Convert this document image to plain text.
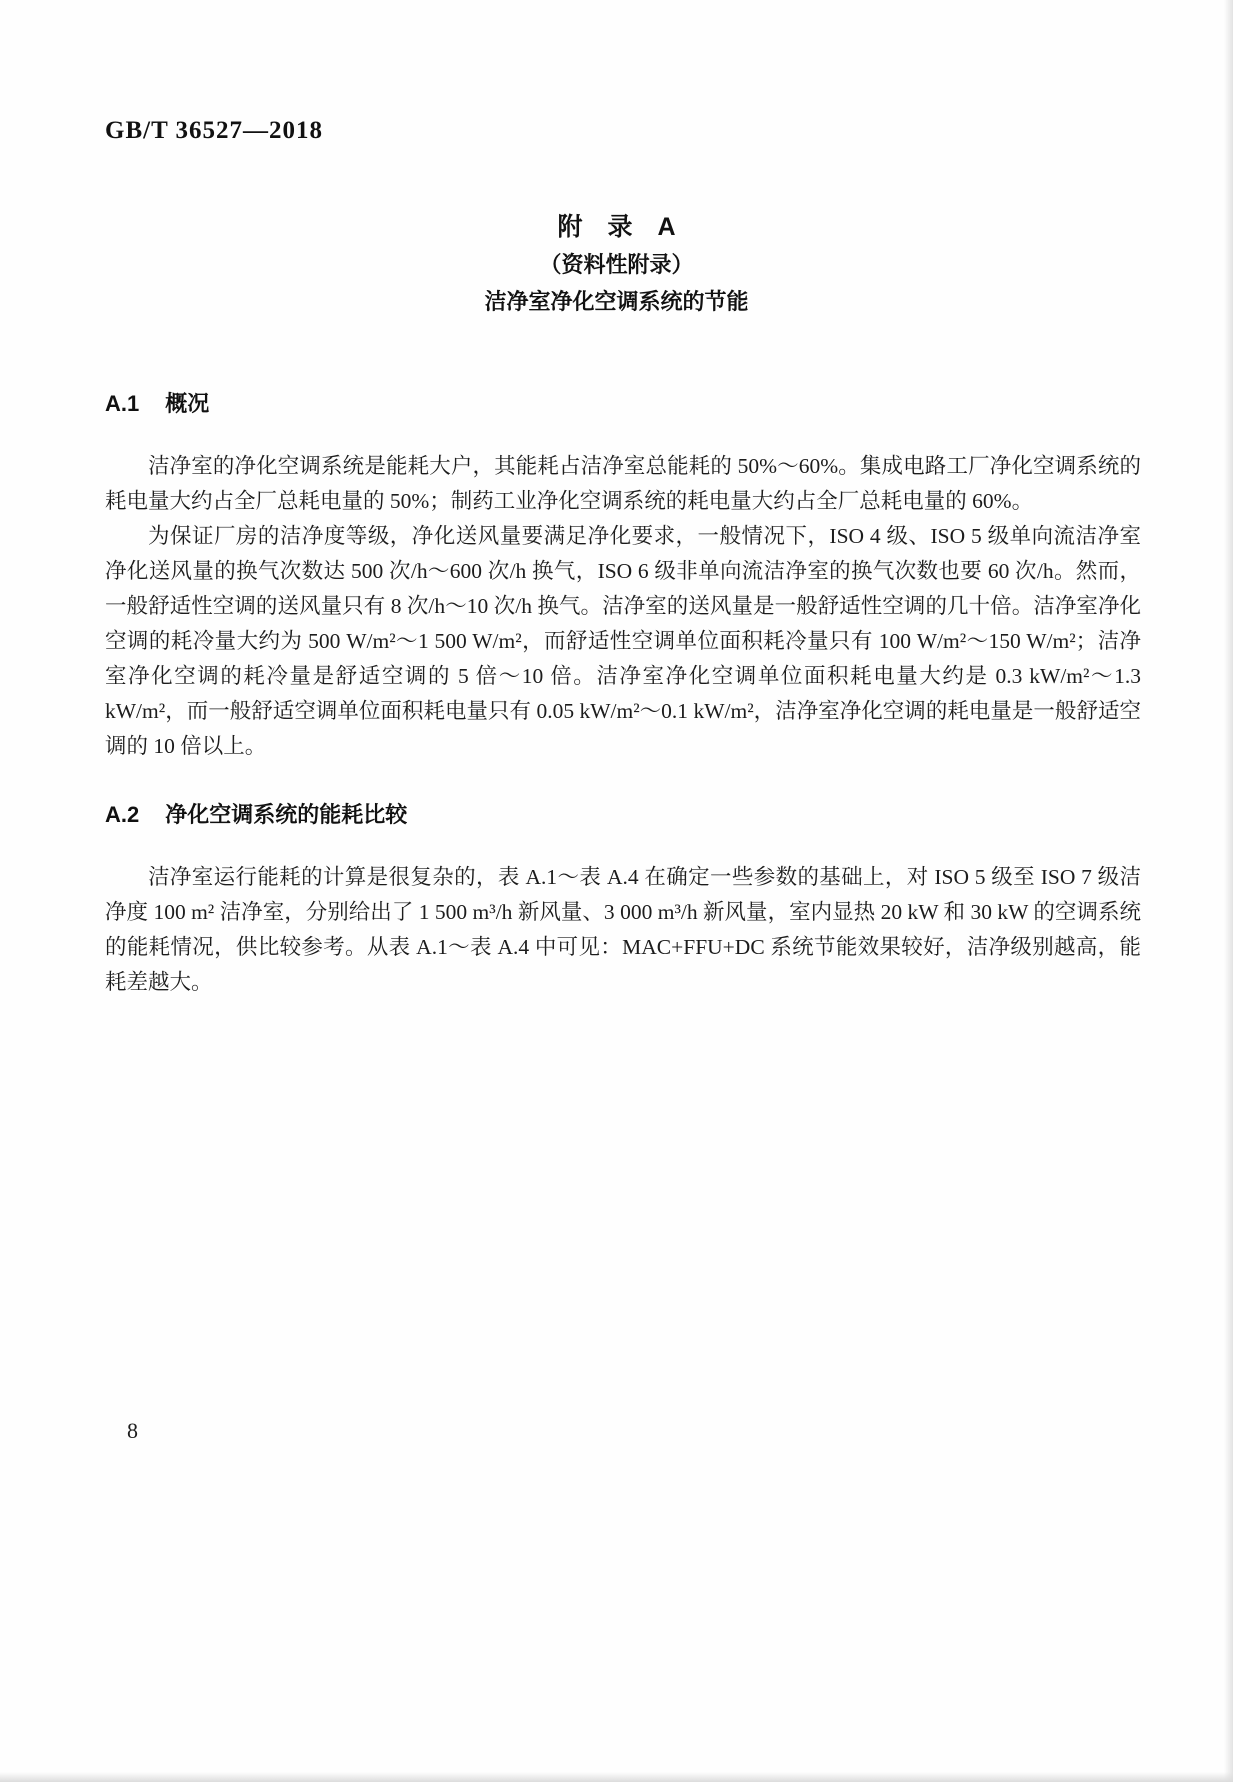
GB/T 36527—2018
附　录　A
（资料性附录）
洁净室净化空调系统的节能
A.1 概况

洁净室的净化空调系统是能耗大户，其能耗占洁净室总能耗的 50%～60%。集成电路工厂净化空调系统的耗电量大约占全厂总耗电量的 50%；制药工业净化空调系统的耗电量大约占全厂总耗电量的 60%。

为保证厂房的洁净度等级，净化送风量要满足净化要求，一般情况下，ISO 4 级、ISO 5 级单向流洁净室净化送风量的换气次数达 500 次/h～600 次/h 换气，ISO 6 级非单向流洁净室的换气次数也要 60 次/h。然而，一般舒适性空调的送风量只有 8 次/h～10 次/h 换气。洁净室的送风量是一般舒适性空调的几十倍。洁净室净化空调的耗冷量大约为 500 W/m²～1 500 W/m²，而舒适性空调单位面积耗冷量只有 100 W/m²～150 W/m²；洁净室净化空调的耗冷量是舒适空调的 5 倍～10 倍。洁净室净化空调单位面积耗电量大约是 0.3 kW/m²～1.3 kW/m²，而一般舒适空调单位面积耗电量只有 0.05 kW/m²～0.1 kW/m²，洁净室净化空调的耗电量是一般舒适空调的 10 倍以上。

A.2 净化空调系统的能耗比较

洁净室运行能耗的计算是很复杂的，表 A.1～表 A.4 在确定一些参数的基础上，对 ISO 5 级至 ISO 7 级洁净度 100 m² 洁净室，分别给出了 1 500 m³/h 新风量、3 000 m³/h 新风量，室内显热 20 kW 和 30 kW 的空调系统的能耗情况，供比较参考。从表 A.1～表 A.4 中可见：MAC+FFU+DC 系统节能效果较好，洁净级别越高，能耗差越大。

8
